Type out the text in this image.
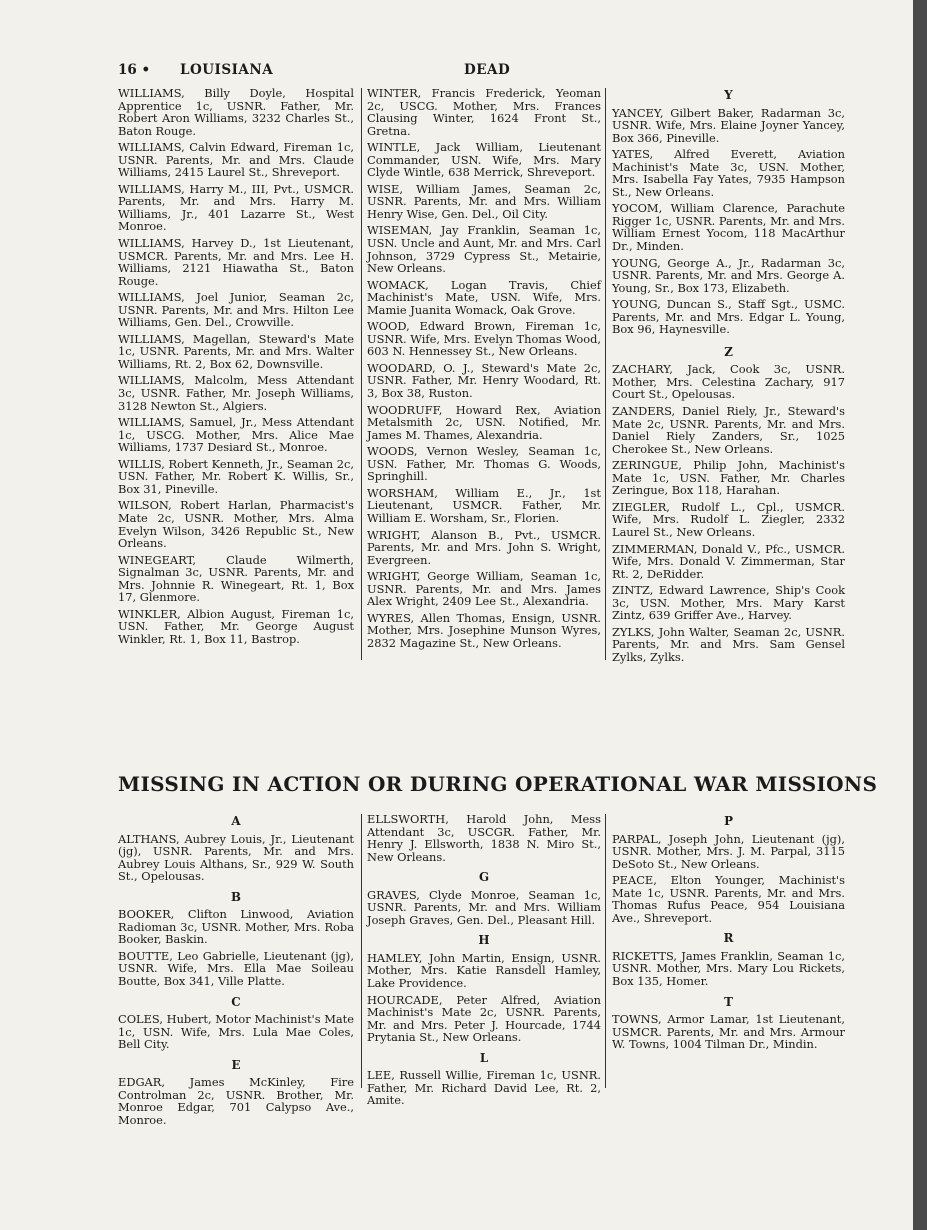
16 • LOUISIANA	DEAD
WILLIAMS, Billy Doyle, Hospital Apprentice 1c, USNR. Father, Mr. Robert Aron Williams, 3232 Charles St., Baton Rouge.
WILLIAMS, Calvin Edward, Fireman 1c, USNR. Parents, Mr. and Mrs. Claude Williams, 2415 Laurel St., Shreveport.
WILLIAMS, Harry M., III, Pvt., USMCR. Parents, Mr. and Mrs. Harry M. Williams, Jr., 401 Lazarre St., West Monroe.
WILLIAMS, Harvey D., 1st Lieutenant, USMCR. Parents, Mr. and Mrs. Lee H. Williams, 2121 Hiawatha St., Baton Rouge.
WILLIAMS, Joel Junior, Seaman 2c, USNR. Parents, Mr. and Mrs. Hilton Lee Williams, Gen. Del., Crowville.
WILLIAMS, Magellan, Steward's Mate 1c, USNR. Parents, Mr. and Mrs. Walter Williams, Rt. 2, Box 62, Downsville.
WILLIAMS, Malcolm, Mess Attendant 3c, USNR. Father, Mr. Joseph Williams, 3128 Newton St., Algiers.
WILLIAMS, Samuel, Jr., Mess Attendant 1c, USCG. Mother, Mrs. Alice Mae Williams, 1737 Desiard St., Monroe.
WILLIS, Robert Kenneth, Jr., Seaman 2c, USN. Father, Mr. Robert K. Willis, Sr., Box 31, Pineville.
WILSON, Robert Harlan, Pharmacist's Mate 2c, USNR. Mother, Mrs. Alma Evelyn Wilson, 3426 Republic St., New Orleans.
WINEGEART, Claude Wilmerth, Signalman 3c, USNR. Parents, Mr. and Mrs. Johnnie R. Winegeart, Rt. 1, Box 17, Glenmore.
WINKLER, Albion August, Fireman 1c, USN. Father, Mr. George August Winkler, Rt. 1, Box 11, Bastrop.
WINTER, Francis Frederick, Yeoman 2c, USCG. Mother, Mrs. Frances Clausing Winter, 1624 Front St., Gretna.
WINTLE, Jack William, Lieutenant Commander, USN. Wife, Mrs. Mary Clyde Wintle, 638 Merrick, Shreveport.
WISE, William James, Seaman 2c, USNR. Parents, Mr. and Mrs. William Henry Wise, Gen. Del., Oil City.
WISEMAN, Jay Franklin, Seaman 1c, USN. Uncle and Aunt, Mr. and Mrs. Carl Johnson, 3729 Cypress St., Metairie, New Orleans.
WOMACK, Logan Travis, Chief Machinist's Mate, USN. Wife, Mrs. Mamie Juanita Womack, Oak Grove.
WOOD, Edward Brown, Fireman 1c, USNR. Wife, Mrs. Evelyn Thomas Wood, 603 N. Hennessey St., New Orleans.
WOODARD, O. J., Steward's Mate 2c, USNR. Father, Mr. Henry Woodard, Rt. 3, Box 38, Ruston.
WOODRUFF, Howard Rex, Aviation Metalsmith 2c, USN. Notified, Mr. James M. Thames, Alexandria.
WOODS, Vernon Wesley, Seaman 1c, USN. Father, Mr. Thomas G. Woods, Springhill.
WORSHAM, William E., Jr., 1st Lieutenant, USMCR. Father, Mr. William E. Worsham, Sr., Florien.
WRIGHT, Alanson B., Pvt., USMCR. Parents, Mr. and Mrs. John S. Wright, Evergreen.
WRIGHT, George William, Seaman 1c, USNR. Parents, Mr. and Mrs. James Alex Wright, 2409 Lee St., Alexandria.
WYRES, Allen Thomas, Ensign, USNR. Mother, Mrs. Josephine Munson Wyres, 2832 Magazine St., New Orleans.
Y
YANCEY, Gilbert Baker, Radarman 3c, USNR. Wife, Mrs. Elaine Joyner Yancey, Box 366, Pineville.
YATES, Alfred Everett, Aviation Machinist's Mate 3c, USN. Mother, Mrs. Isabella Fay Yates, 7935 Hampson St., New Orleans.
YOCOM, William Clarence, Parachute Rigger 1c, USNR. Parents, Mr. and Mrs. William Ernest Yocom, 118 MacArthur Dr., Minden.
YOUNG, George A., Jr., Radarman 3c, USNR. Parents, Mr. and Mrs. George A. Young, Sr., Box 173, Elizabeth.
YOUNG, Duncan S., Staff Sgt., USMC. Parents, Mr. and Mrs. Edgar L. Young, Box 96, Haynesville.
Z
ZACHARY, Jack, Cook 3c, USNR. Mother, Mrs. Celestina Zachary, 917 Court St., Opelousas.
ZANDERS, Daniel Riely, Jr., Steward's Mate 2c, USNR. Parents, Mr. and Mrs. Daniel Riely Zanders, Sr., 1025 Cherokee St., New Orleans.
ZERINGUE, Philip John, Machinist's Mate 1c, USN. Father, Mr. Charles Zeringue, Box 118, Harahan.
ZIEGLER, Rudolf L., Cpl., USMCR. Wife, Mrs. Rudolf L. Ziegler, 2332 Laurel St., New Orleans.
ZIMMERMAN, Donald V., Pfc., USMCR. Wife, Mrs. Donald V. Zimmerman, Star Rt. 2, DeRidder.
ZINTZ, Edward Lawrence, Ship's Cook 3c, USN. Mother, Mrs. Mary Karst Zintz, 639 Griffer Ave., Harvey.
ZYLKS, John Walter, Seaman 2c, USNR. Parents, Mr. and Mrs. Sam Gensel Zylks, Zylks.
MISSING IN ACTION OR DURING OPERATIONAL WAR MISSIONS
A
ALTHANS, Aubrey Louis, Jr., Lieutenant (jg), USNR. Parents, Mr. and Mrs. Aubrey Louis Althans, Sr., 929 W. South St., Opelousas.
B
BOOKER, Clifton Linwood, Aviation Radioman 3c, USNR. Mother, Mrs. Roba Booker, Baskin.
BOUTTE, Leo Gabrielle, Lieutenant (jg), USNR. Wife, Mrs. Ella Mae Soileau Boutte, Box 341, Ville Platte.
C
COLES, Hubert, Motor Machinist's Mate 1c, USN. Wife, Mrs. Lula Mae Coles, Bell City.
E
EDGAR, James McKinley, Fire Controlman 2c, USNR. Brother, Mr. Monroe Edgar, 701 Calypso Ave., Monroe.
ELLSWORTH, Harold John, Mess Attendant 3c, USCGR. Father, Mr. Henry J. Ellsworth, 1838 N. Miro St., New Orleans.
G
GRAVES, Clyde Monroe, Seaman 1c, USNR. Parents, Mr. and Mrs. William Joseph Graves, Gen. Del., Pleasant Hill.
H
HAMLEY, John Martin, Ensign, USNR. Mother, Mrs. Katie Ransdell Hamley, Lake Providence.
HOURCADE, Peter Alfred, Aviation Machinist's Mate 2c, USNR. Parents, Mr. and Mrs. Peter J. Hourcade, 1744 Prytania St., New Orleans.
L
LEE, Russell Willie, Fireman 1c, USNR. Father, Mr. Richard David Lee, Rt. 2, Amite.
P
PARPAL, Joseph John, Lieutenant (jg), USNR. Mother, Mrs. J. M. Parpal, 3115 DeSoto St., New Orleans.
PEACE, Elton Younger, Machinist's Mate 1c, USNR. Parents, Mr. and Mrs. Thomas Rufus Peace, 954 Louisiana Ave., Shreveport.
R
RICKETTS, James Franklin, Seaman 1c, USNR. Mother, Mrs. Mary Lou Rickets, Box 135, Homer.
T
TOWNS, Armor Lamar, 1st Lieutenant, USMCR. Parents, Mr. and Mrs. Armour W. Towns, 1004 Tilman Dr., Mindin.
